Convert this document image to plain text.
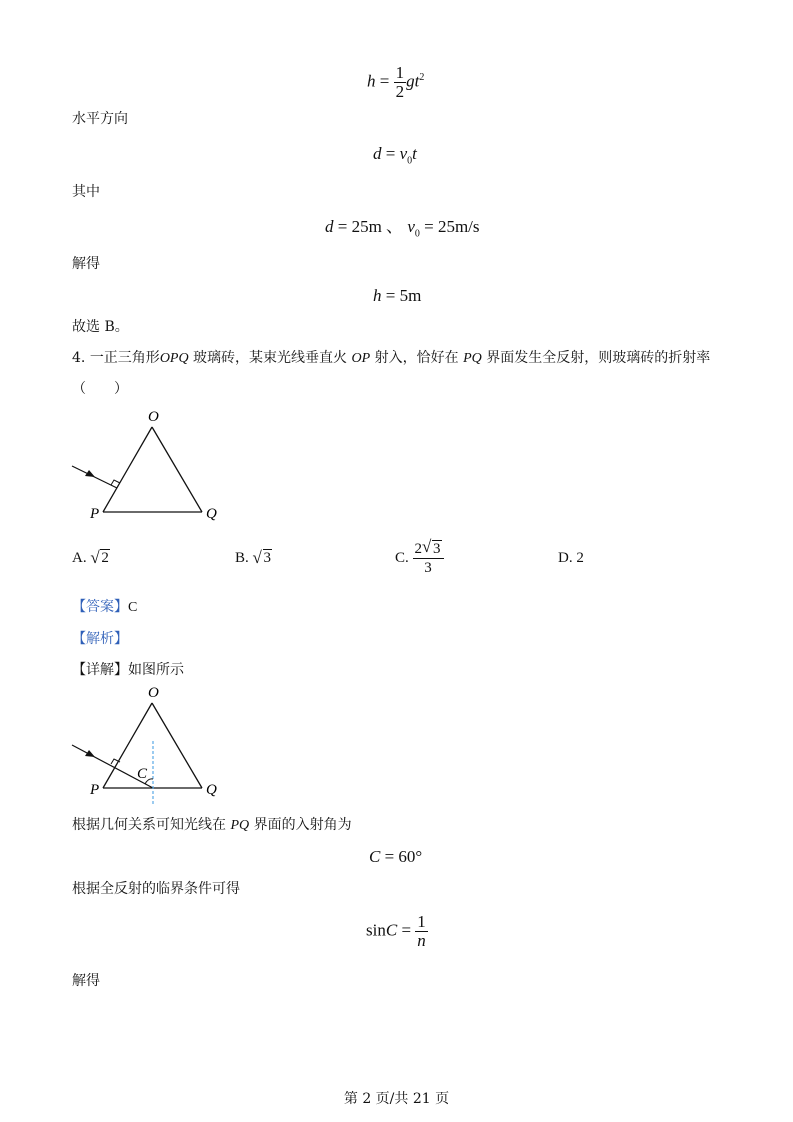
$h = \frac{1}{2} gt^2$
水平方向
$d = v_0t$
其中
d = 25m 、 $v_0 = 25m/s$
解得
h = 5m
故选 B。
4. 一正三角形OPQ 玻璃砖，某束光线垂直火 OP 射入，恰好在 PQ 界面发生全反射，则玻璃砖的折射率
（　　）
O
P	Q
A. √ 2	B. √ 3	C. $\frac{2 √ 3}{3}$	D. 2
【答案】C
【解析】
【详解】如图所示
O
P	Q
C
根据几何关系可知光线在 PQ 界面的入射角为
C = 60°
根据全反射的临界条件可得
$\sin C = \frac{1}{n}$
解得
第 2 页/共 21 页
